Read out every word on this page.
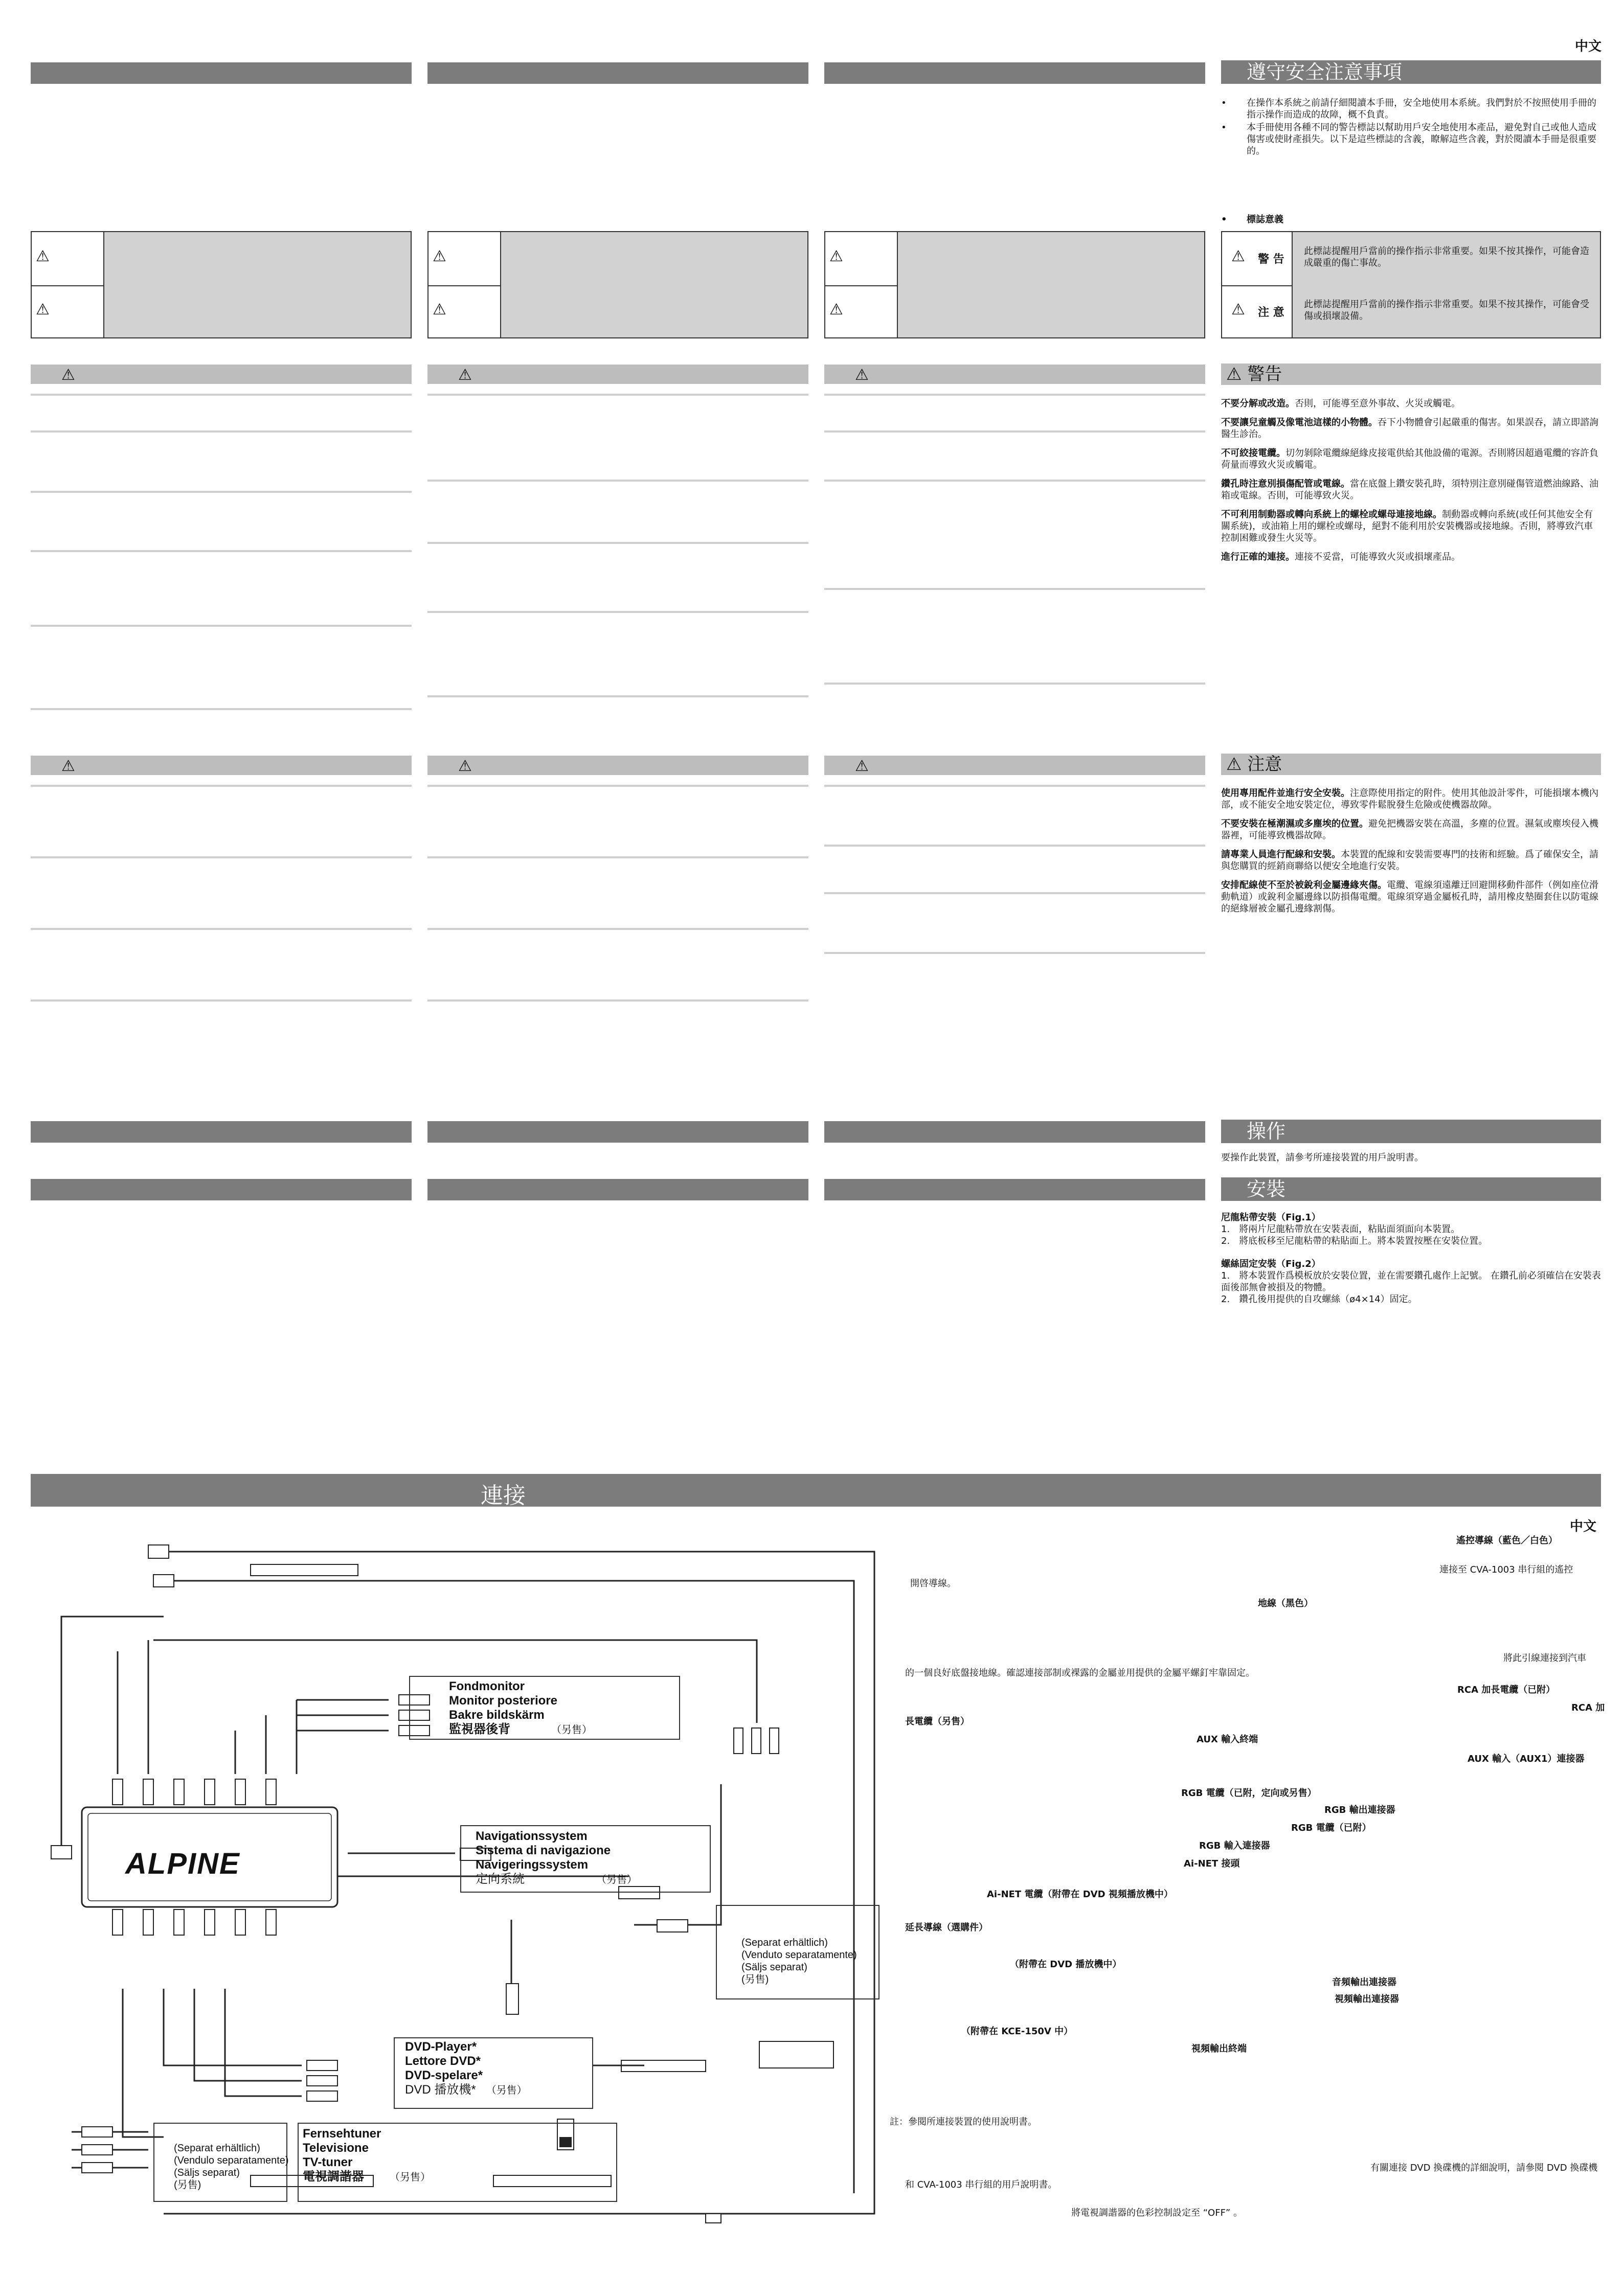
中文
⚠
⚠
⚠
⚠
⚠
⚠
⚠
⚠
⚠
⚠
⚠
⚠
遵守安全注意事項
•	在操作本系統之前請仔細閱讀本手冊，安全地使用本系統。我們對於不按照使用手冊的指示操作而造成的故障，概不負責。
•	本手冊使用各種不同的警告標誌以幫助用戶安全地使用本產品，避免對自己或他人造成傷害或使財產損失。以下是這些標誌的含義，瞭解這些含義，對於閱讀本手冊是很重要的。
• 標誌意義
⚠ 警 告
此標誌提醒用戶當前的操作指示非常重要。如果不按其操作，可能會造成嚴重的傷亡事故。
⚠ 注 意
此標誌提醒用戶當前的操作指示非常重要。如果不按其操作，可能會受傷或損壞設備。
⚠ 警告

不要分解或改造。否則，可能導至意外事故、火災或觸電。

不要讓兒童觸及像電池這樣的小物體。吞下小物體會引起嚴重的傷害。如果誤吞，請立即諮詢醫生診治。

不可絞接電纜。切勿剝除電纜線絕緣皮接電供給其他設備的電源。否則將因超過電纜的容許負荷量而導致火災或觸電。

鑽孔時注意別損傷配管或電線。當在底盤上鑽安裝孔時，須特別注意別碰傷管道燃油線路、油箱或電線。否則，可能導致火災。

不可利用制動器或轉向系統上的螺栓或螺母連接地線。制動器或轉向系統(或任何其他安全有關系統)，或油箱上用的螺栓或螺母，絕對不能利用於安裝機器或接地線。否則，將導致汽車控制困難或發生火災等。

進行正確的連接。連接不妥當，可能導致火災或損壞產品。

⚠ 注意

使用專用配件並進行安全安裝。注意際使用指定的附件。使用其他設計零件，可能損壞本機內部，或不能安全地安裝定位，導致零件鬆脫發生危險或使機器故障。

不要安裝在極潮濕或多塵埃的位置。避免把機器安裝在高溫，多塵的位置。濕氣或塵埃侵入機器裡，可能導致機器故障。

請專業人員進行配線和安裝。本裝置的配線和安裝需要專門的技術和經驗。爲了確保安全，請與您購買的經銷商聯絡以便安全地進行安裝。

安排配線使不至於被銳利金屬邊緣夾傷。電纜、電線須遠離迂回避開移動件部件（例如座位滑動軌道）或銳利金屬邊緣以防損傷電纜。電線須穿過金屬板孔時，請用橡皮墊圈套住以防電線的絕緣層被金屬孔邊緣割傷。

操作
要操作此裝置，請參考所連接裝置的用戶說明書。
安裝
尼龍粘帶安裝（Fig.1）
1.　將兩片尼龍粘帶放在安裝表面，粘貼面須面向本裝置。
2.　將底板移至尼龍粘帶的粘貼面上。將本裝置按壓在安裝位置。
螺絲固定安裝（Fig.2）
1.　將本裝置作爲模板放於安裝位置，並在需要鑽孔處作上記號。 在鑽孔前必須確信在安裝表面後部無會被損及的物體。
2.　鑽孔後用提供的自攻螺絲（ø4×14）固定。
連接
中文
ALPINE
Fondmonitor
Monitor posteriore
Bakre bildskärm
監視器後背	（另售）
Navigationssystem
Sistema di navigazione
Navigeringssystem
定向系統	（另售）
(Separat erhältlich)
(Venduto separatamente)
(Säljs separat)
(另售)
DVD-Player*
Lettore DVD*
DVD-spelare*
DVD 播放機* （另售）
(Separat erhältlich)
(Vendulo separatamente)
(Säljs separat)
(另售)
Fernsehtuner
Televisione
TV-tuner
電視調諧器	（另售）
遙控導線（藍色／白色）
連接至 CVA-1003 串行組的遙控
開啓導線。
地線（黑色）
將此引線連接到汽車
的一個良好底盤接地線。確認連接部制或裸露的金屬並用提供的金屬平螺釘牢靠固定。
RCA 加長電纜（已附）
RCA 加
長電纜（另售）
AUX 輸入終端
AUX 輸入（AUX1）連接器
RGB 電纜（已附，定向或另售）
RGB 輸出連接器
RGB 電纜（已附）
RGB 輸入連接器
Ai-NET 接頭
Ai-NET 電纜（附帶在 DVD 視頻播放機中）
延長導線（選購件）
（附帶在 DVD 播放機中）
音頻輸出連接器
視頻輸出連接器
（附帶在 KCE-150V 中）
視頻輸出終端
註：參閱所連接裝置的使用說明書。
有關連接 DVD 換碟機的詳細說明，請參閱 DVD 換碟機
和 CVA-1003 串行組的用戶說明書。
將電視調諧器的色彩控制設定至 “OFF” 。
